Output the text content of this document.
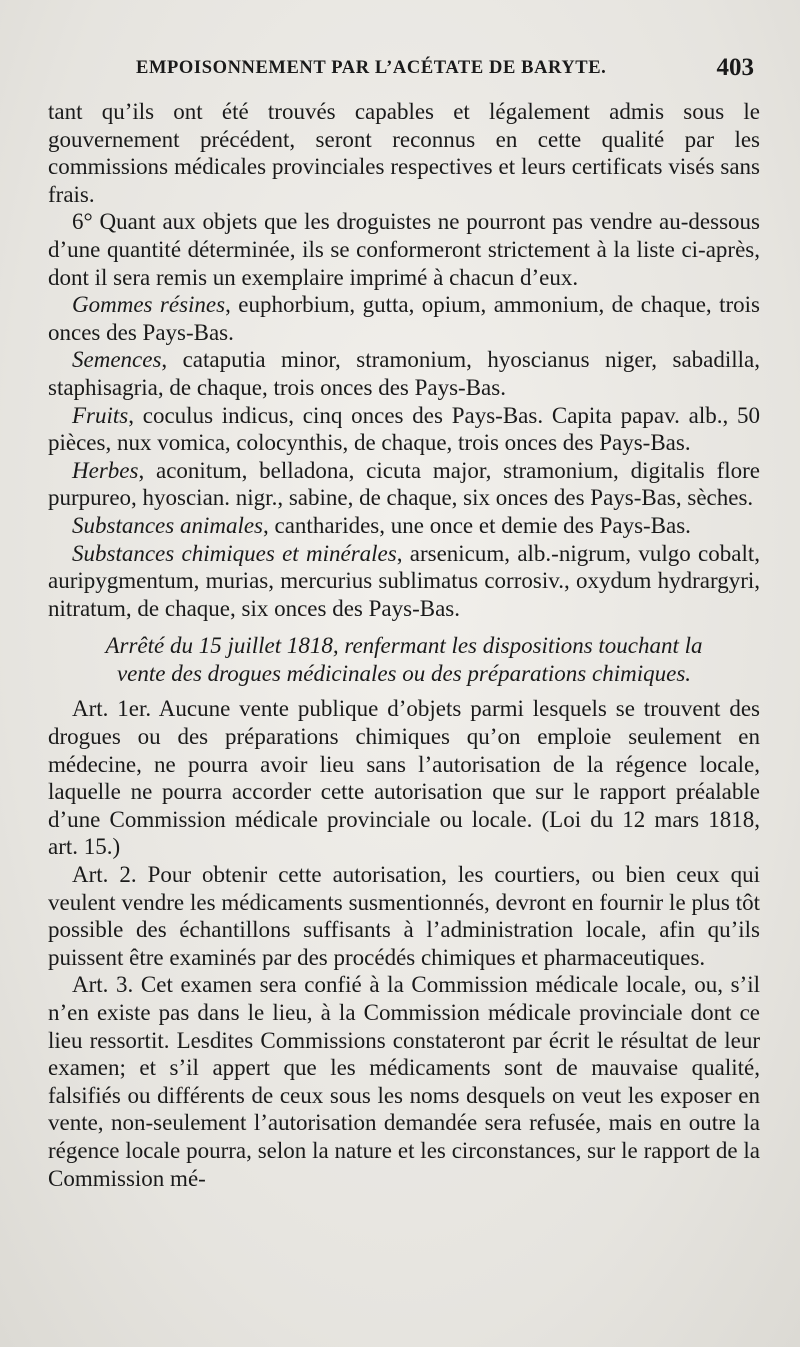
EMPOISONNEMENT PAR L’ACÉTATE DE BARYTE.	403

tant qu’ils ont été trouvés capables et légalement admis sous le gouvernement précédent, seront reconnus en cette qualité par les commissions médicales provinciales respectives et leurs certificats visés sans frais.

6° Quant aux objets que les droguistes ne pourront pas vendre au-dessous d’une quantité déterminée, ils se conformeront strictement à la liste ci-après, dont il sera remis un exemplaire imprimé à chacun d’eux.

Gommes résines, euphorbium, gutta, opium, ammonium, de chaque, trois onces des Pays-Bas.

Semences, cataputia minor, stramonium, hyoscianus niger, sabadilla, staphisagria, de chaque, trois onces des Pays-Bas.

Fruits, coculus indicus, cinq onces des Pays-Bas. Capita papav. alb., 50 pièces, nux vomica, colocynthis, de chaque, trois onces des Pays-Bas.

Herbes, aconitum, belladona, cicuta major, stramonium, digitalis flore purpureo, hyoscian. nigr., sabine, de chaque, six onces des Pays-Bas, sèches.

Substances animales, cantharides, une once et demie des Pays-Bas.

Substances chimiques et minérales, arsenicum, alb.-nigrum, vulgo cobalt, auripygmentum, murias, mercurius sublimatus corrosiv., oxydum hydrargyri, nitratum, de chaque, six onces des Pays-Bas.

Arrêté du 15 juillet 1818, renfermant les dispositions touchant la
vente des drogues médicinales ou des préparations chimiques.

Art. 1er. Aucune vente publique d’objets parmi lesquels se trouvent des drogues ou des préparations chimiques qu’on emploie seulement en médecine, ne pourra avoir lieu sans l’autorisation de la régence locale, laquelle ne pourra accorder cette autorisation que sur le rapport préalable d’une Commission médicale provinciale ou locale. (Loi du 12 mars 1818, art. 15.)

Art. 2. Pour obtenir cette autorisation, les courtiers, ou bien ceux qui veulent vendre les médicaments susmentionnés, devront en fournir le plus tôt possible des échantillons suffisants à l’administration locale, afin qu’ils puissent être examinés par des procédés chimiques et pharmaceutiques.

Art. 3. Cet examen sera confié à la Commission médicale locale, ou, s’il n’en existe pas dans le lieu, à la Commission médicale provinciale dont ce lieu ressortit. Lesdites Commissions constateront par écrit le résultat de leur examen; et s’il appert que les médicaments sont de mauvaise qualité, falsifiés ou différents de ceux sous les noms desquels on veut les exposer en vente, non-seulement l’autorisation demandée sera refusée, mais en outre la régence locale pourra, selon la nature et les circonstances, sur le rapport de la Commission mé-
